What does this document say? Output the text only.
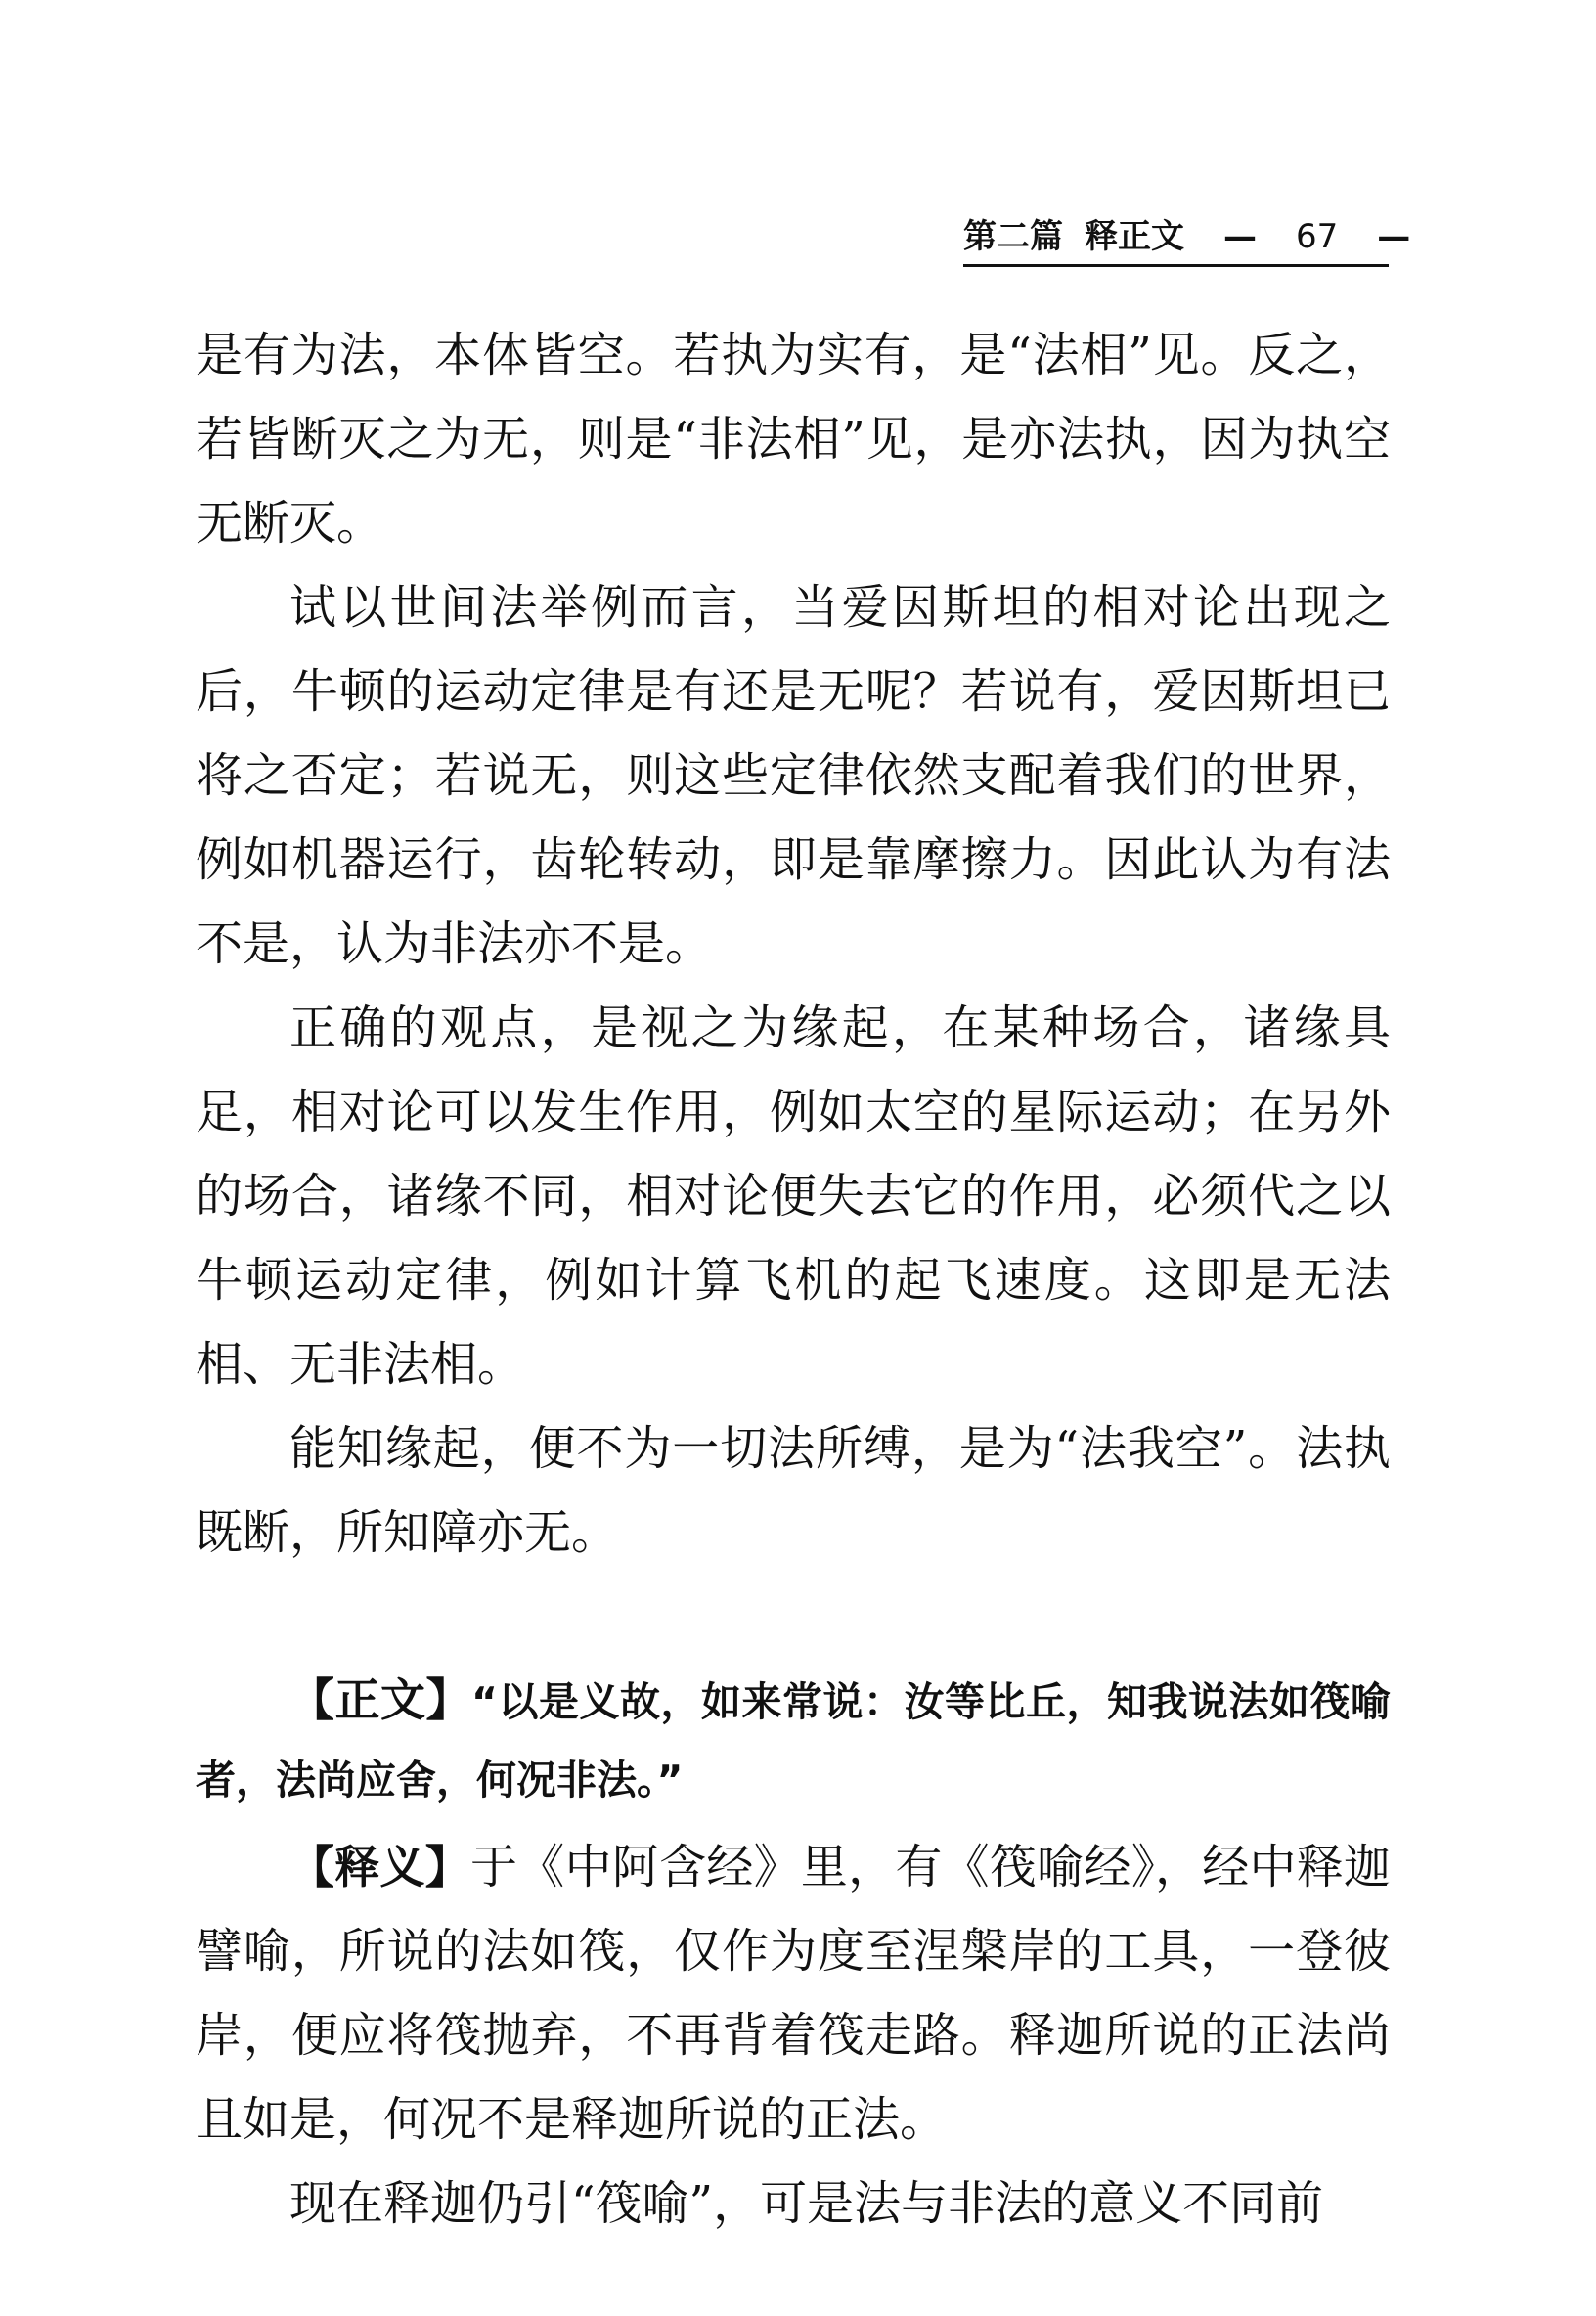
第二篇 释正文 — 67 —

是有为法，本体皆空。若执为实有，是“法相”见。反之，若皆断灭之为无，则是“非法相”见，是亦法执，因为执空无断灭。

试以世间法举例而言，当爱因斯坦的相对论出现之后，牛顿的运动定律是有还是无呢？若说有，爱因斯坦已将之否定；若说无，则这些定律依然支配着我们的世界，例如机器运行，齿轮转动，即是靠摩擦力。因此认为有法不是，认为非法亦不是。

正确的观点，是视之为缘起，在某种场合，诸缘具足，相对论可以发生作用，例如太空的星际运动；在另外的场合，诸缘不同，相对论便失去它的作用，必须代之以牛顿运动定律，例如计算飞机的起飞速度。这即是无法相、无非法相。

能知缘起，便不为一切法所缚，是为“法我空”。法执既断，所知障亦无。

【正文】“以是义故，如来常说：汝等比丘，知我说法如筏喻者，法尚应舍，何况非法。”

【释义】于《中阿含经》里，有《筏喻经》，经中释迦譬喻，所说的法如筏，仅作为度至涅槃岸的工具，一登彼岸，便应将筏抛弃，不再背着筏走路。释迦所说的正法尚且如是，何况不是释迦所说的正法。

现在释迦仍引“筏喻”，可是法与非法的意义不同前
